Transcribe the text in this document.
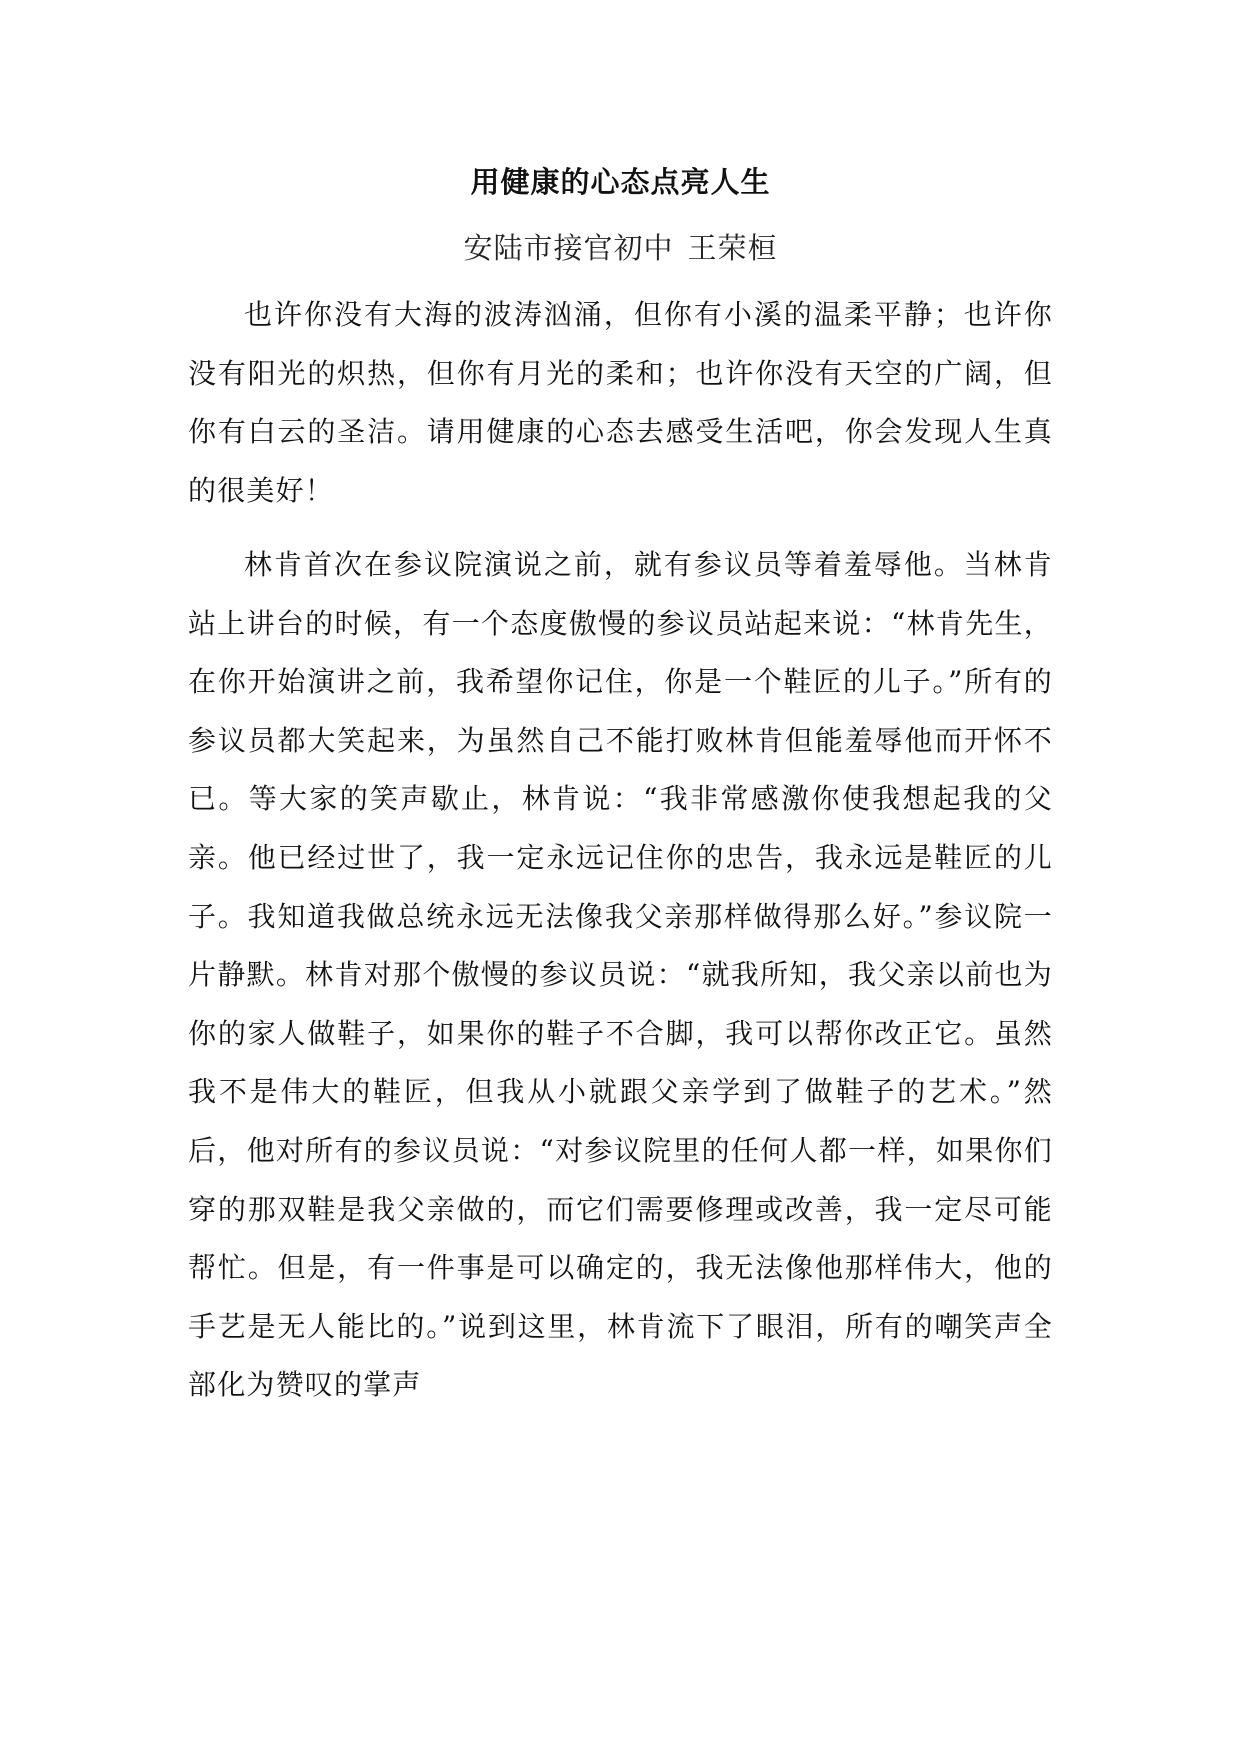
用健康的心态点亮人生
安陆市接官初中 王荣桓

也许你没有大海的波涛汹涌，但你有小溪的温柔平静；也许你没有阳光的炽热，但你有月光的柔和；也许你没有天空的广阔，但你有白云的圣洁。请用健康的心态去感受生活吧，你会发现人生真的很美好！

林肯首次在参议院演说之前，就有参议员等着羞辱他。当林肯站上讲台的时候，有一个态度傲慢的参议员站起来说：“林肯先生，在你开始演讲之前，我希望你记住，你是一个鞋匠的儿子。”所有的参议员都大笑起来，为虽然自己不能打败林肯但能羞辱他而开怀不已。等大家的笑声歇止，林肯说：“我非常感激你使我想起我的父亲。他已经过世了，我一定永远记住你的忠告，我永远是鞋匠的儿子。我知道我做总统永远无法像我父亲那样做得那么好。”参议院一片静默。林肯对那个傲慢的参议员说：“就我所知，我父亲以前也为你的家人做鞋子，如果你的鞋子不合脚，我可以帮你改正它。虽然我不是伟大的鞋匠，但我从小就跟父亲学到了做鞋子的艺术。”然后，他对所有的参议员说：“对参议院里的任何人都一样，如果你们穿的那双鞋是我父亲做的，而它们需要修理或改善，我一定尽可能帮忙。但是，有一件事是可以确定的，我无法像他那样伟大，他的手艺是无人能比的。”说到这里，林肯流下了眼泪，所有的嘲笑声全部化为赞叹的掌声
